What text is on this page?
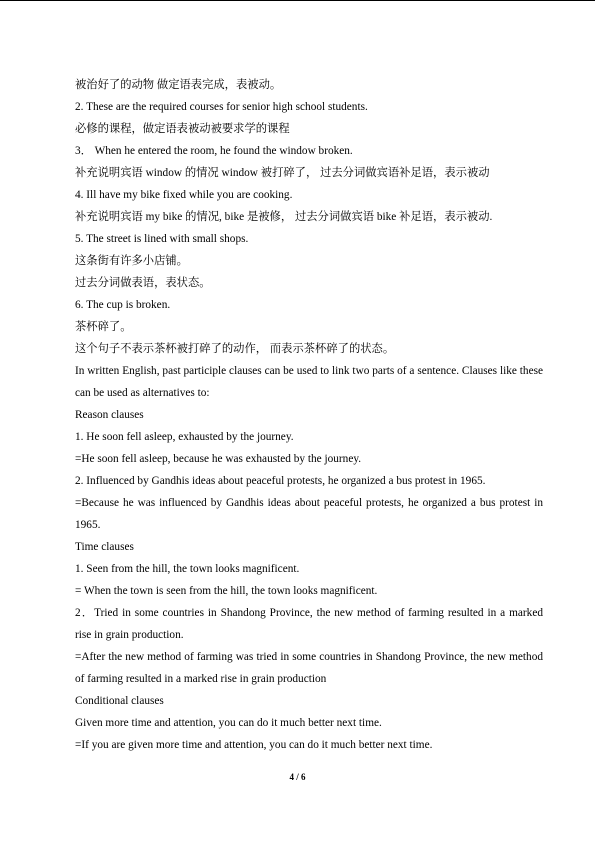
被治好了的动物 做定语表完成，表被动。
2. These are the required courses for senior high school students.
必修的课程，做定语表被动被要求学的课程
3． When he entered the room, he found the window broken.
补充说明宾语 window 的情况 window 被打碎了， 过去分词做宾语补足语，表示被动
4. Ill have my bike fixed while you are cooking.
补充说明宾语 my bike 的情况, bike 是被修， 过去分词做宾语 bike 补足语，表示被动.
5. The street is lined with small shops.
这条街有许多小店铺。
过去分词做表语，表状态。
6. The cup is broken.
茶杯碎了。
这个句子不表示茶杯被打碎了的动作， 而表示茶杯碎了的状态。
In written English, past participle clauses can be used to link two parts of a sentence. Clauses like these can be used as alternatives to:
Reason clauses
1. He soon fell asleep, exhausted by the journey.
=He soon fell asleep, because he was exhausted by the journey.
2. Influenced by Gandhis ideas about peaceful protests, he organized a bus protest in 1965.
=Because he was influenced by Gandhis ideas about peaceful protests, he organized a bus protest in 1965.
Time clauses
1. Seen from the hill, the town looks magnificent.
= When the town is seen from the hill, the town looks magnificent.
2．Tried in some countries in Shandong Province, the new method of farming resulted in a marked rise in grain production.
=After the new method of farming was tried in some countries in Shandong Province, the new method of farming resulted in a marked rise in grain production
Conditional clauses
Given more time and attention, you can do it much better next time.
=If you are given more time and attention, you can do it much better next time.
4 / 6
